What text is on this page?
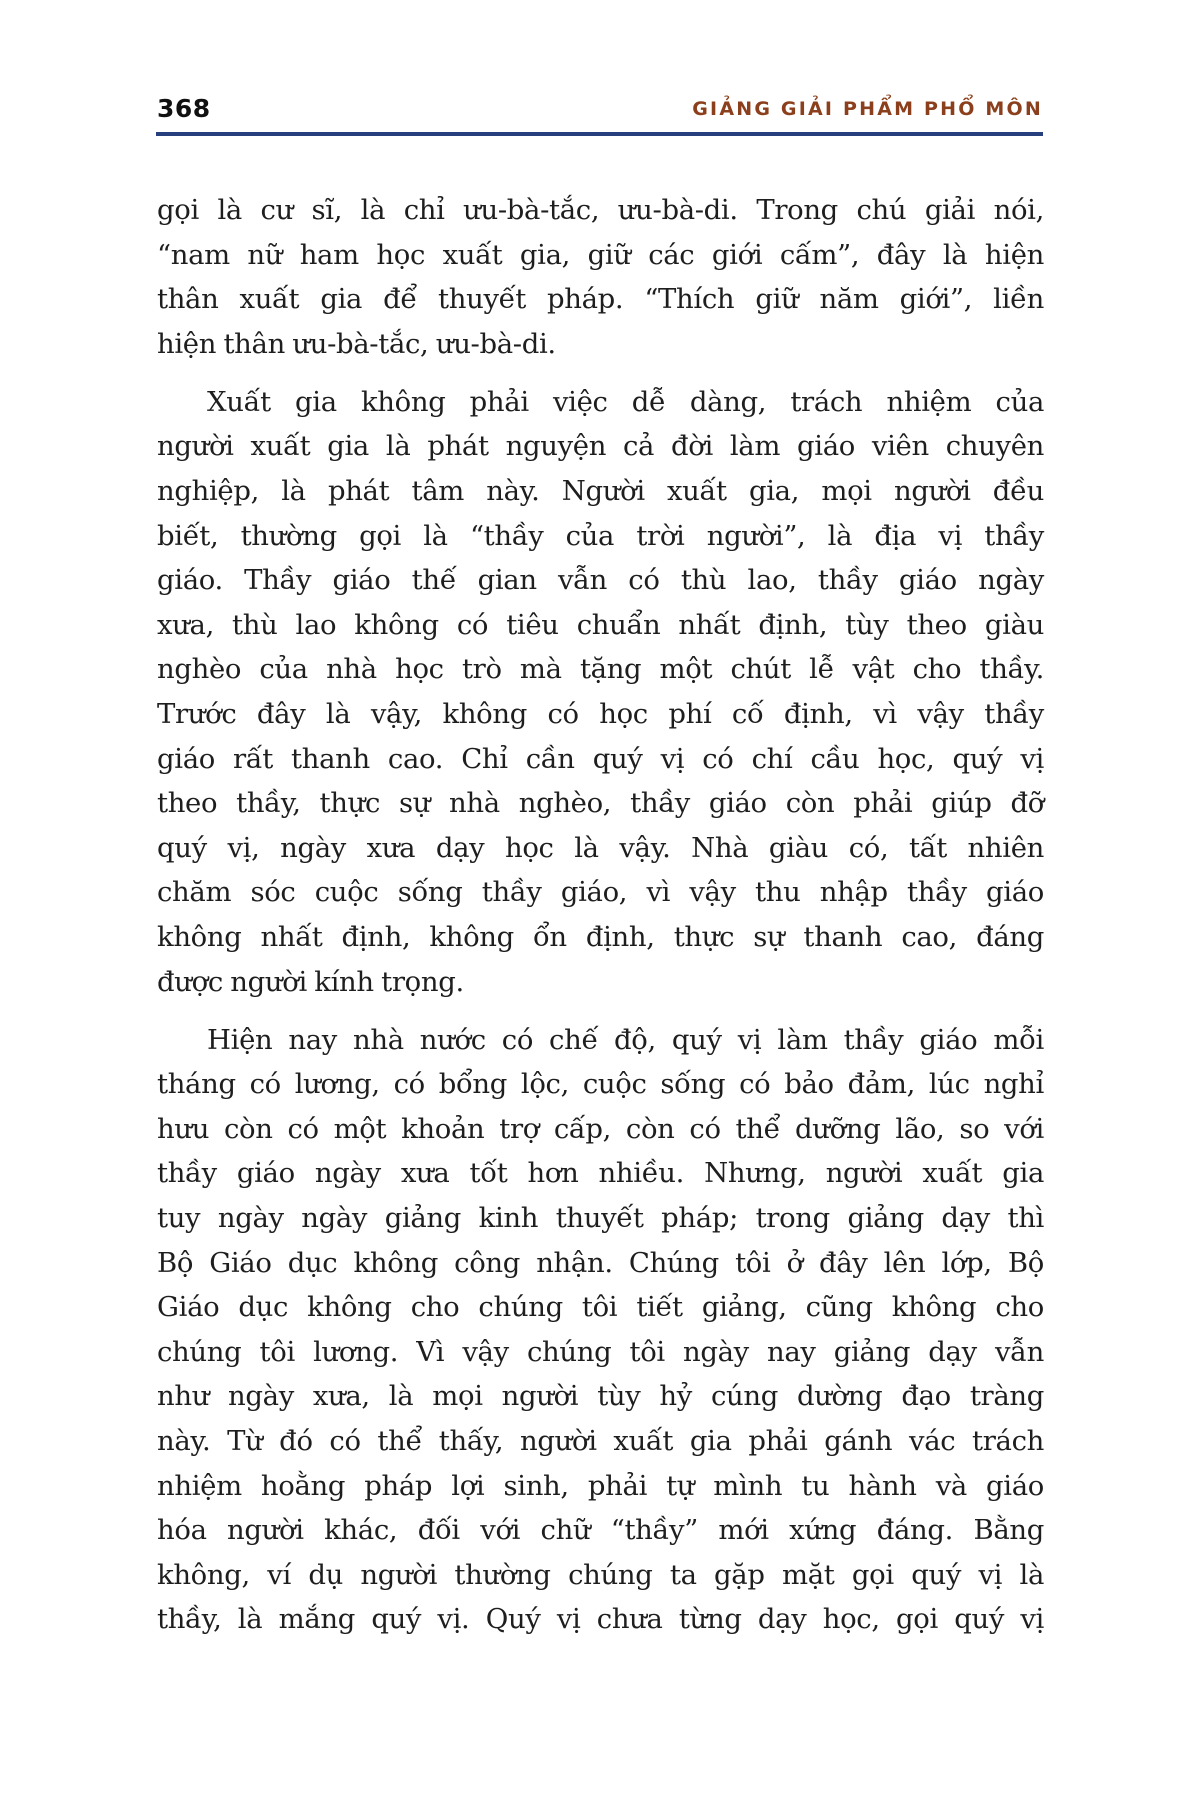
368	GIẢNG GIẢI PHẨM PHỔ MÔN
gọi là cư sĩ, là chỉ ưu-bà-tắc, ưu-bà-di. Trong chú giải nói,
“nam nữ ham học xuất gia, giữ các giới cấm”, đây là hiện
thân xuất gia để thuyết pháp. “Thích giữ năm giới”, liền
hiện thân ưu-bà-tắc, ưu-bà-di.
Xuất gia không phải việc dễ dàng, trách nhiệm của
người xuất gia là phát nguyện cả đời làm giáo viên chuyên
nghiệp, là phát tâm này. Người xuất gia, mọi người đều
biết, thường gọi là “thầy của trời người”, là địa vị thầy
giáo. Thầy giáo thế gian vẫn có thù lao, thầy giáo ngày
xưa, thù lao không có tiêu chuẩn nhất định, tùy theo giàu
nghèo của nhà học trò mà tặng một chút lễ vật cho thầy.
Trước đây là vậy, không có học phí cố định, vì vậy thầy
giáo rất thanh cao. Chỉ cần quý vị có chí cầu học, quý vị
theo thầy, thực sự nhà nghèo, thầy giáo còn phải giúp đỡ
quý vị, ngày xưa dạy học là vậy. Nhà giàu có, tất nhiên
chăm sóc cuộc sống thầy giáo, vì vậy thu nhập thầy giáo
không nhất định, không ổn định, thực sự thanh cao, đáng
được người kính trọng.
Hiện nay nhà nước có chế độ, quý vị làm thầy giáo mỗi
tháng có lương, có bổng lộc, cuộc sống có bảo đảm, lúc nghỉ
hưu còn có một khoản trợ cấp, còn có thể dưỡng lão, so với
thầy giáo ngày xưa tốt hơn nhiều. Nhưng, người xuất gia
tuy ngày ngày giảng kinh thuyết pháp; trong giảng dạy thì
Bộ Giáo dục không công nhận. Chúng tôi ở đây lên lớp, Bộ
Giáo dục không cho chúng tôi tiết giảng, cũng không cho
chúng tôi lương. Vì vậy chúng tôi ngày nay giảng dạy vẫn
như ngày xưa, là mọi người tùy hỷ cúng dường đạo tràng
này. Từ đó có thể thấy, người xuất gia phải gánh vác trách
nhiệm hoằng pháp lợi sinh, phải tự mình tu hành và giáo
hóa người khác, đối với chữ “thầy” mới xứng đáng. Bằng
không, ví dụ người thường chúng ta gặp mặt gọi quý vị là
thầy, là mắng quý vị. Quý vị chưa từng dạy học, gọi quý vị
